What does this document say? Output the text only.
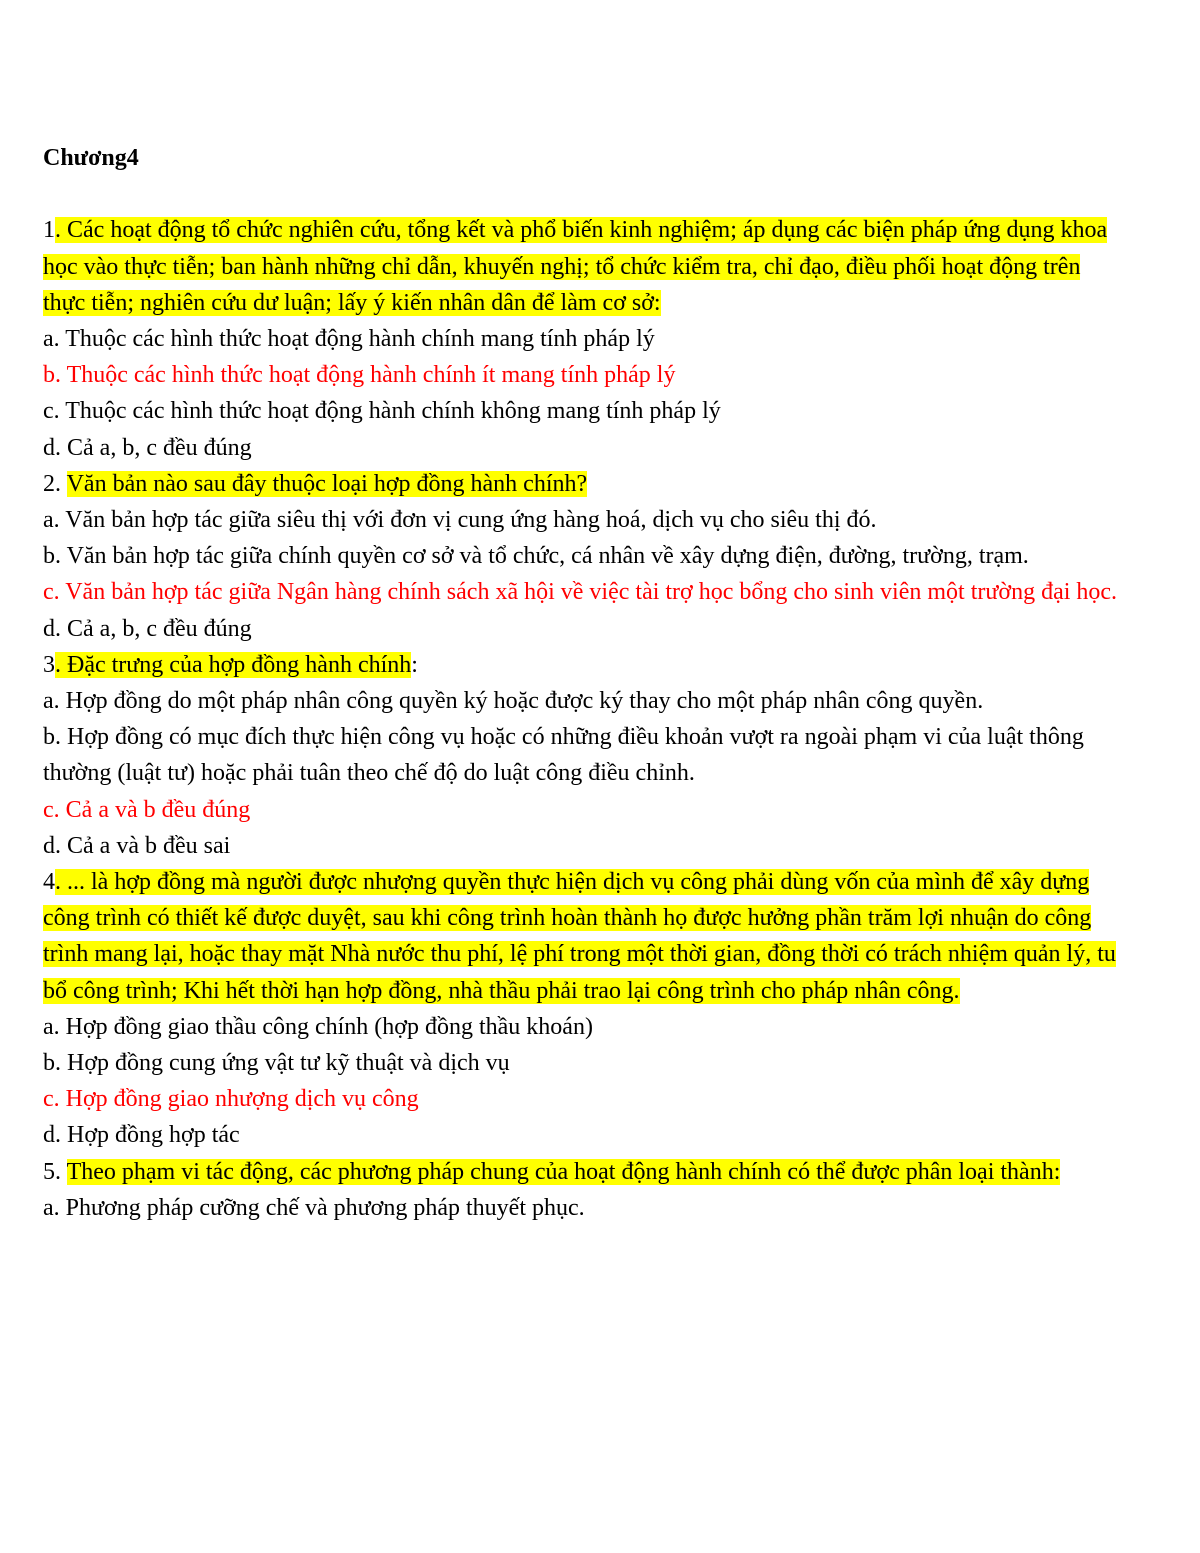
Chương4

1. Các hoạt động tổ chức nghiên cứu, tổng kết và phổ biến kinh nghiệm; áp dụng các biện pháp ứng dụng khoa học vào thực tiễn; ban hành những chỉ dẫn, khuyến nghị; tổ chức kiểm tra, chỉ đạo, điều phối hoạt động trên thực tiễn; nghiên cứu dư luận; lấy ý kiến nhân dân để làm cơ sở:

a. Thuộc các hình thức hoạt động hành chính mang tính pháp lý

b. Thuộc các hình thức hoạt động hành chính ít mang tính pháp lý

c. Thuộc các hình thức hoạt động hành chính không mang tính pháp lý

d. Cả a, b, c đều đúng

2. Văn bản nào sau đây thuộc loại hợp đồng hành chính?

a. Văn bản hợp tác giữa siêu thị với đơn vị cung ứng hàng hoá, dịch vụ cho siêu thị đó.

b. Văn bản hợp tác giữa chính quyền cơ sở và tổ chức, cá nhân về xây dựng điện, đường, trường, trạm.

c. Văn bản hợp tác giữa Ngân hàng chính sách xã hội về việc tài trợ học bổng cho sinh viên một trường đại học.

d. Cả a, b, c đều đúng

3. Đặc trưng của hợp đồng hành chính:

a. Hợp đồng do một pháp nhân công quyền ký hoặc được ký thay cho một pháp nhân công quyền.

b. Hợp đồng có mục đích thực hiện công vụ hoặc có những điều khoản vượt ra ngoài phạm vi của luật thông thường (luật tư) hoặc phải tuân theo chế độ do luật công điều chỉnh.

c. Cả a và b đều đúng

d. Cả a và b đều sai

4. ... là hợp đồng mà người được nhượng quyền thực hiện dịch vụ công phải dùng vốn của mình để xây dựng công trình có thiết kế được duyệt, sau khi công trình hoàn thành họ được hưởng phần trăm lợi nhuận do công trình mang lại, hoặc thay mặt Nhà nước thu phí, lệ phí trong một thời gian, đồng thời có trách nhiệm quản lý, tu bổ công trình; Khi hết thời hạn hợp đồng, nhà thầu phải trao lại công trình cho pháp nhân công.

a. Hợp đồng giao thầu công chính (hợp đồng thầu khoán)

b. Hợp đồng cung ứng vật tư kỹ thuật và dịch vụ

c. Hợp đồng giao nhượng dịch vụ công

d. Hợp đồng hợp tác

5. Theo phạm vi tác động, các phương pháp chung của hoạt động hành chính có thể được phân loại thành:

a. Phương pháp cưỡng chế và phương pháp thuyết phục.
